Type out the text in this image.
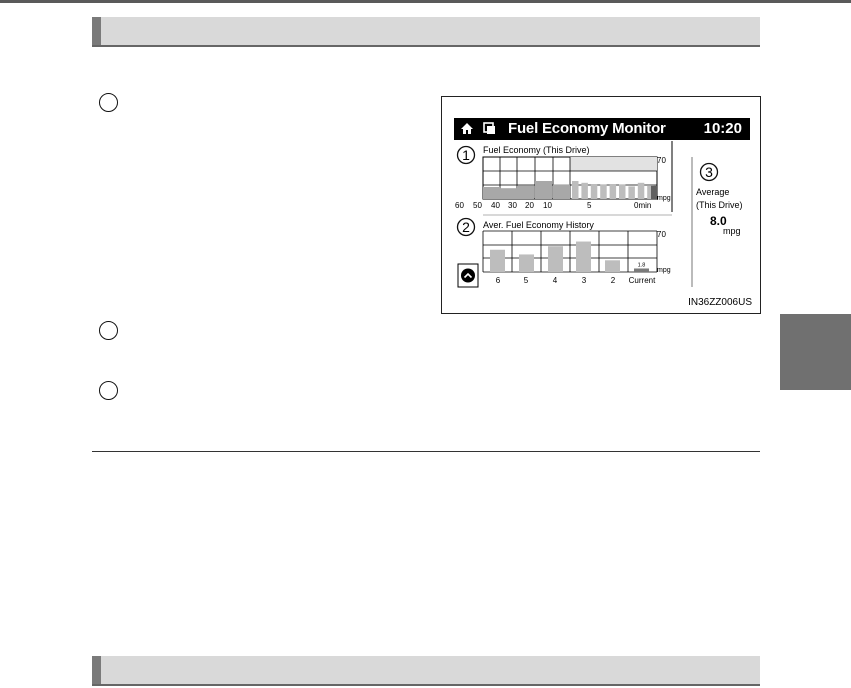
Fuel Economy Monitor	10:20
1 Fuel Economy (This Drive)
70
mpg
60 50 40 30 20 10	5	0min
2 Aver. Fuel Economy History
70
mpg
1.8
6	5	4	3	2 Current
3
Average
(This Drive)
8.0
mpg
IN36ZZ006US
